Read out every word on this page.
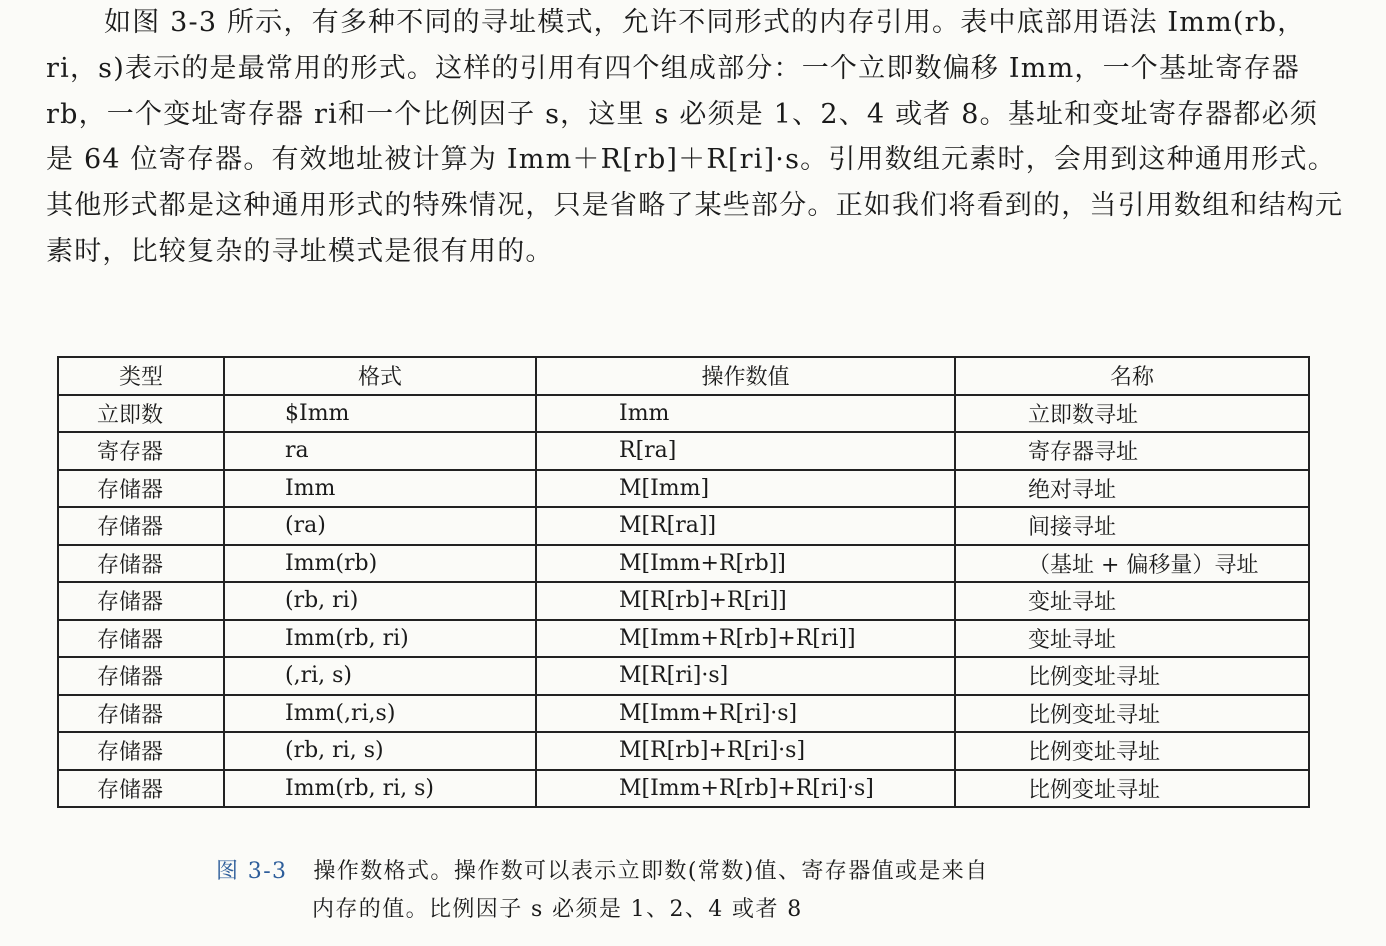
如图 3-3 所示，有多种不同的寻址模式，允许不同形式的内存引用。表中底部用语法 Imm(rb，ri，s)表示的是最常用的形式。这样的引用有四个组成部分：一个立即数偏移 Imm，一个基址寄存器 rb，一个变址寄存器 ri和一个比例因子 s，这里 s 必须是 1、2、4 或者 8。基址和变址寄存器都必须是 64 位寄存器。有效地址被计算为 Imm＋R[rb]＋R[ri]·s。引用数组元素时，会用到这种通用形式。其他形式都是这种通用形式的特殊情况，只是省略了某些部分。正如我们将看到的，当引用数组和结构元素时，比较复杂的寻址模式是很有用的。

类型	格式	操作数值	名称
立即数	$Imm	Imm	立即数寻址
寄存器	ra	R[ra]	寄存器寻址
存储器	Imm	M[Imm]	绝对寻址
存储器	(ra)	M[R[ra]]	间接寻址
存储器	Imm(rb)	M[Imm+R[rb]]	（基址 + 偏移量）寻址
存储器	(rb, ri)	M[R[rb]+R[ri]]	变址寻址
存储器	Imm(rb, ri)	M[Imm+R[rb]+R[ri]]	变址寻址
存储器	(,ri, s)	M[R[ri]·s]	比例变址寻址
存储器	Imm(,ri,s)	M[Imm+R[ri]·s]	比例变址寻址
存储器	(rb, ri, s)	M[R[rb]+R[ri]·s]	比例变址寻址
存储器	Imm(rb, ri, s)	M[Imm+R[rb]+R[ri]·s]	比例变址寻址
图 3-3 操作数格式。操作数可以表示立即数(常数)值、寄存器值或是来自
内存的值。比例因子 s 必须是 1、2、4 或者 8
